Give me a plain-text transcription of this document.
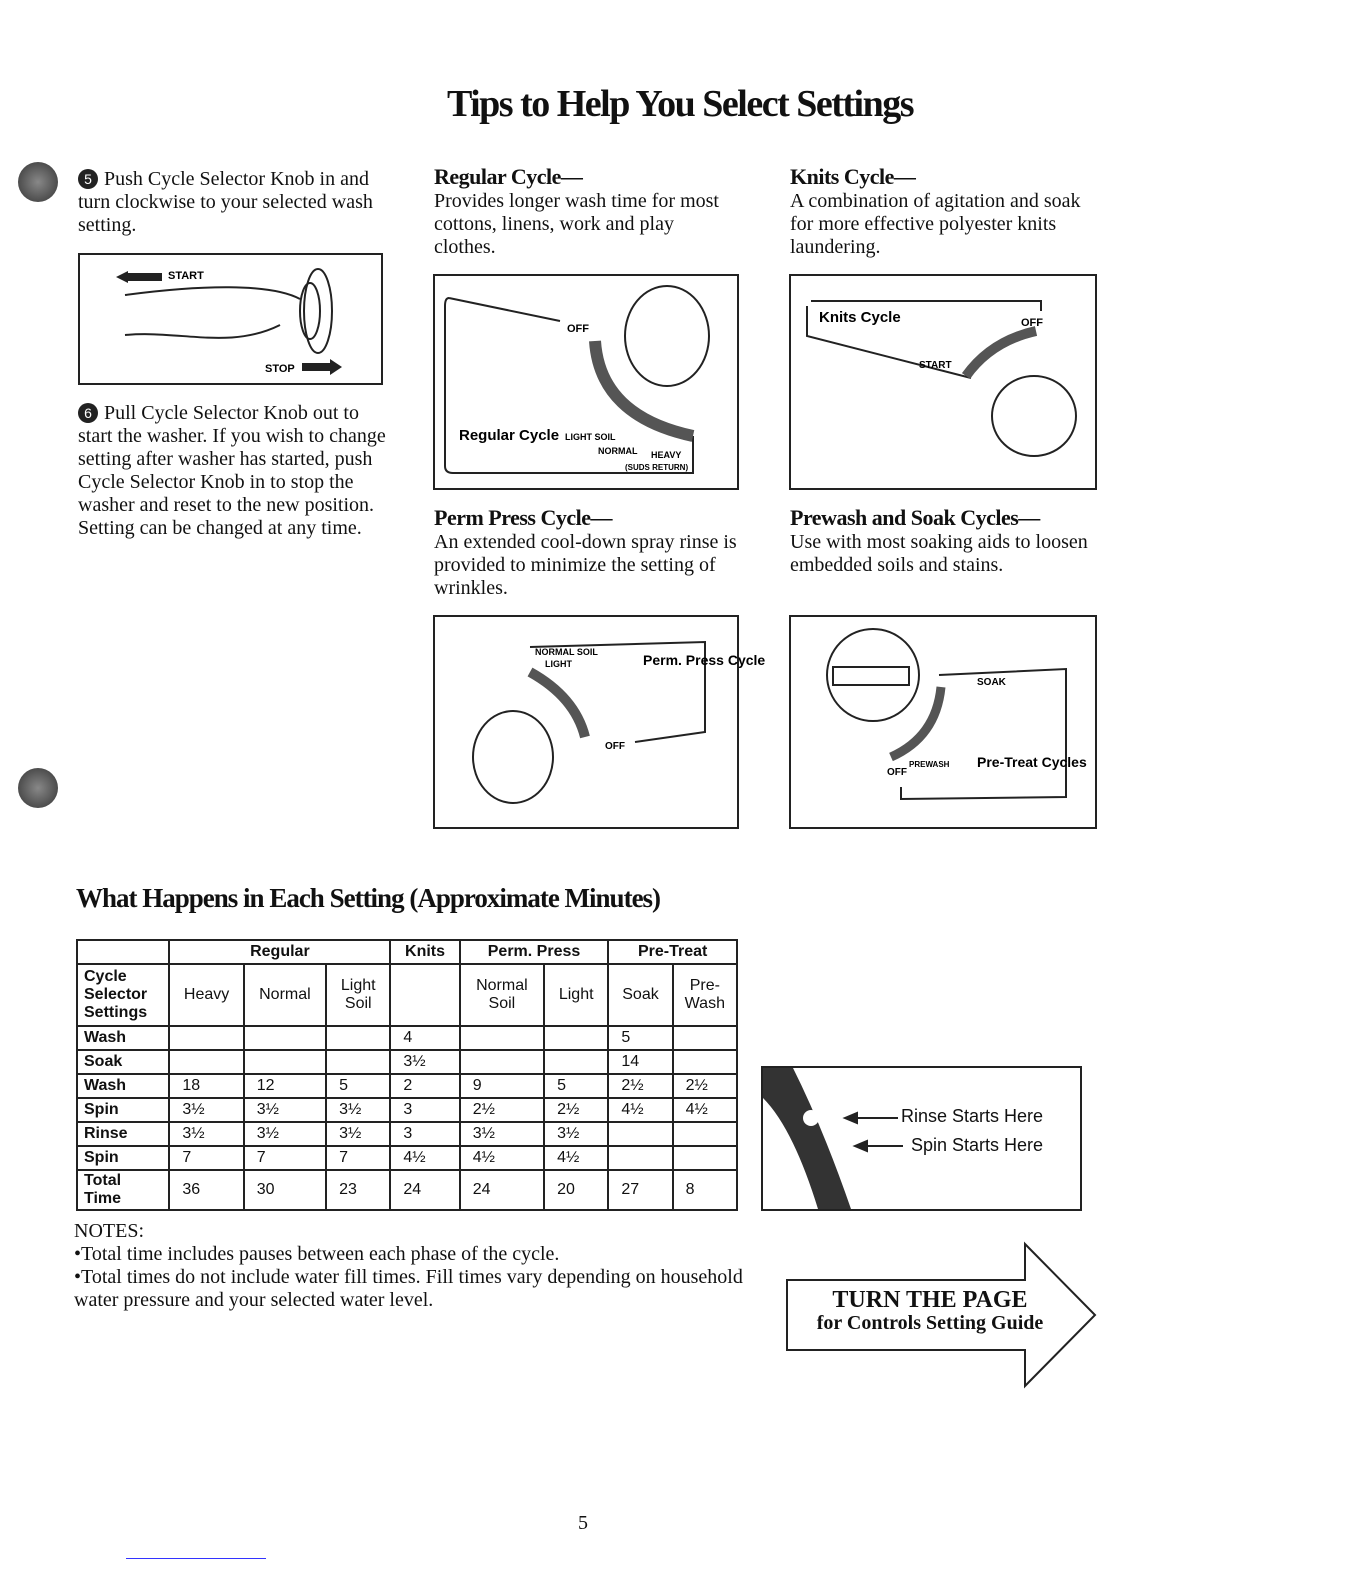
Tips to Help You Select Settings
5 Push Cycle Selector Knob in and turn clockwise to your selected wash setting.
START
STOP
6 Pull Cycle Selector Knob out to start the washer. If you wish to change setting after washer has started, push Cycle Selector Knob in to stop the washer and reset to the new position. Setting can be changed at any time.
Regular Cycle—
Provides longer wash time for most cottons, linens, work and play clothes.
OFF
Regular Cycle LIGHT SOIL
NORMAL HEAVY
(SUDS RETURN)
Knits Cycle—
A combination of agitation and soak for more effective polyester knits laundering.
Knits Cycle	OFF
START
Perm Press Cycle—
An extended cool-down spray rinse is provided to minimize the setting of wrinkles.
NORMAL SOIL
LIGHT	Perm. Press Cycle
OFF
Prewash and Soak Cycles—
Use with most soaking aids to loosen embedded soils and stains.
SOAK
PREWASH
OFF
Pre-Treat Cycles
What Happens in Each Setting (Approximate Minutes)
	Regular			Knits	Perm. Press		Pre-Treat	
Cycle Selector Settings	Heavy	Normal	Light Soil		Normal Soil	Light	Soak	Pre-Wash
Wash				4			5	
Soak				3½			14	
Wash	18	12	5	2	9	5	2½	2½
Spin	3½	3½	3½	3	2½	2½	4½	4½
Rinse	3½	3½	3½	3	3½	3½		
Spin	7	7	7	4½	4½	4½		
Total Time	36	30	23	24	24	20	27	8
Rinse Starts Here
Spin Starts Here
NOTES:
•Total time includes pauses between each phase of the cycle.
•Total times do not include water fill times. Fill times vary depending on household water pressure and your selected water level.	TURN THE PAGE
for Controls Setting Guide
5
